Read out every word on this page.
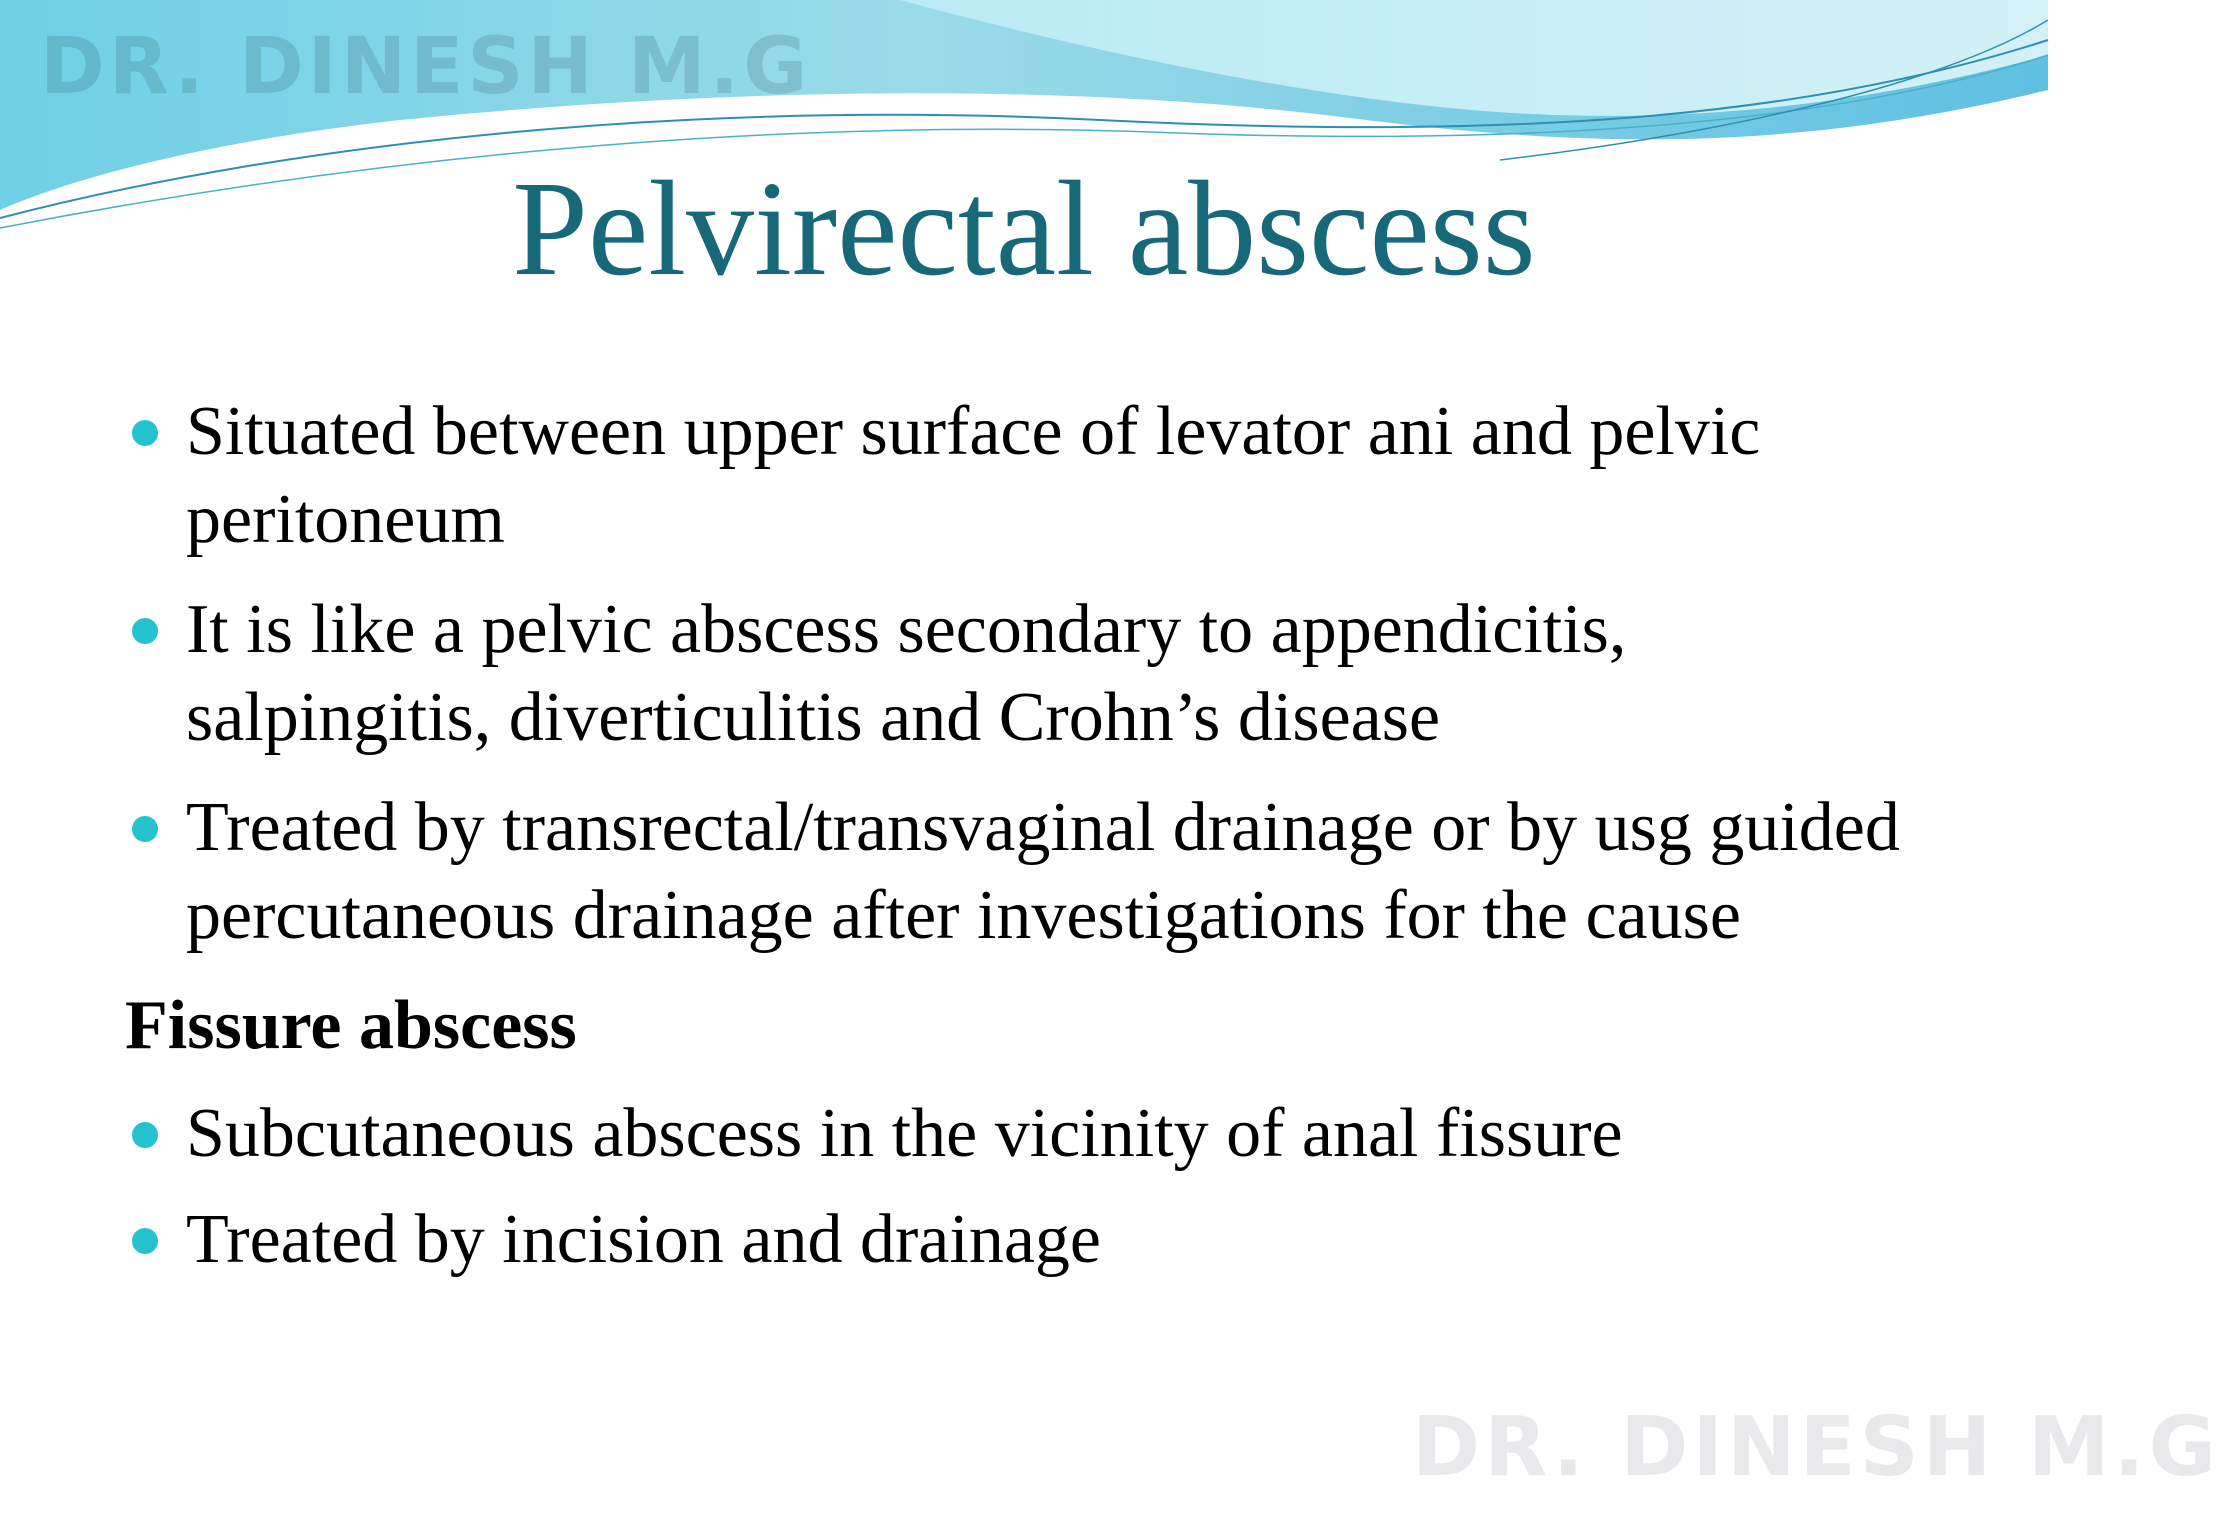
DR. DINESH M.G
Pelvirectal abscess
Situated between upper surface of levator ani and pelvic peritoneum
It is like a pelvic abscess secondary to appendicitis, salpingitis, diverticulitis and Crohn’s disease
Treated by transrectal/transvaginal drainage or by usg guided percutaneous drainage after investigations for the cause
Fissure abscess
Subcutaneous abscess in the vicinity of anal fissure
Treated by incision and drainage
DR. DINESH M.G
